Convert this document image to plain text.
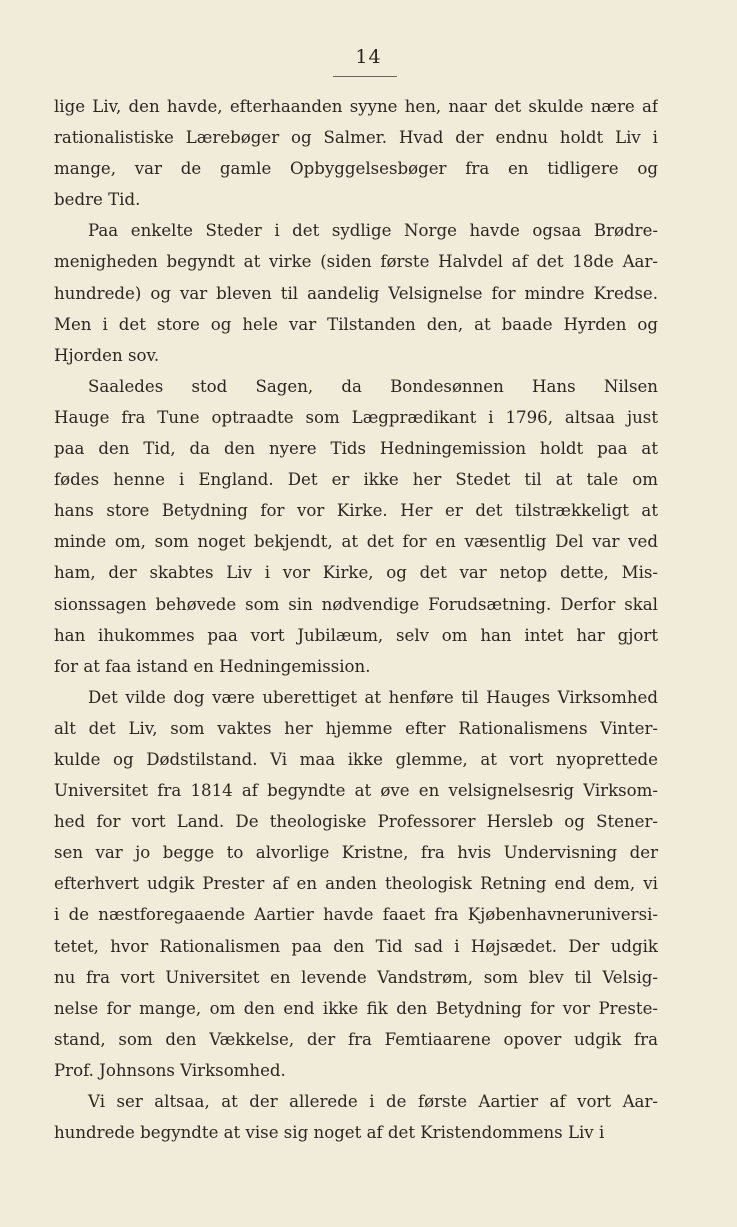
14
lige Liv, den havde, efterhaanden syyne hen, naar det skulde nære af
rationalistiske Lærebøger og Salmer. Hvad der endnu holdt Liv i
mange, var de gamle Opbyggelsesbøger fra en tidligere og
bedre Tid.
Paa enkelte Steder i det sydlige Norge havde ogsaa Brødre-
menigheden begyndt at virke (siden første Halvdel af det 18de Aar-
hundrede) og var bleven til aandelig Velsignelse for mindre Kredse.
Men i det store og hele var Tilstanden den, at baade Hyrden og
Hjorden sov.
Saaledes stod Sagen, da Bondesønnen Hans Nilsen
Hauge fra Tune optraadte som Lægprædikant i 1796, altsaa just
paa den Tid, da den nyere Tids Hedningemission holdt paa at
fødes henne i England. Det er ikke her Stedet til at tale om
hans store Betydning for vor Kirke. Her er det tilstrækkeligt at
minde om, som noget bekjendt, at det for en væsentlig Del var ved
ham, der skabtes Liv i vor Kirke, og det var netop dette, Mis-
sionssagen behøvede som sin nødvendige Forudsætning. Derfor skal
han ihukommes paa vort Jubilæum, selv om han intet har gjort
for at faa istand en Hedningemission.
Det vilde dog være uberettiget at henføre til Hauges Virksomhed
alt det Liv, som vaktes her hjemme efter Rationalismens Vinter-
kulde og Dødstilstand. Vi maa ikke glemme, at vort nyoprettede
Universitet fra 1814 af begyndte at øve en velsignelsesrig Virksom-
hed for vort Land. De theologiske Professorer Hersleb og Stener-
sen var jo begge to alvorlige Kristne, fra hvis Undervisning der
efterhvert udgik Prester af en anden theologisk Retning end dem, vi
i de næstforegaaende Aartier havde faaet fra Kjøbenhavneruniversi-
tetet, hvor Rationalismen paa den Tid sad i Højsædet. Der udgik
nu fra vort Universitet en levende Vandstrøm, som blev til Velsig-
nelse for mange, om den end ikke fik den Betydning for vor Preste-
stand, som den Vækkelse, der fra Femtiaarene opover udgik fra
Prof. Johnsons Virksomhed.
Vi ser altsaa, at der allerede i de første Aartier af vort Aar-
hundrede begyndte at vise sig noget af det Kristendommens Liv i
